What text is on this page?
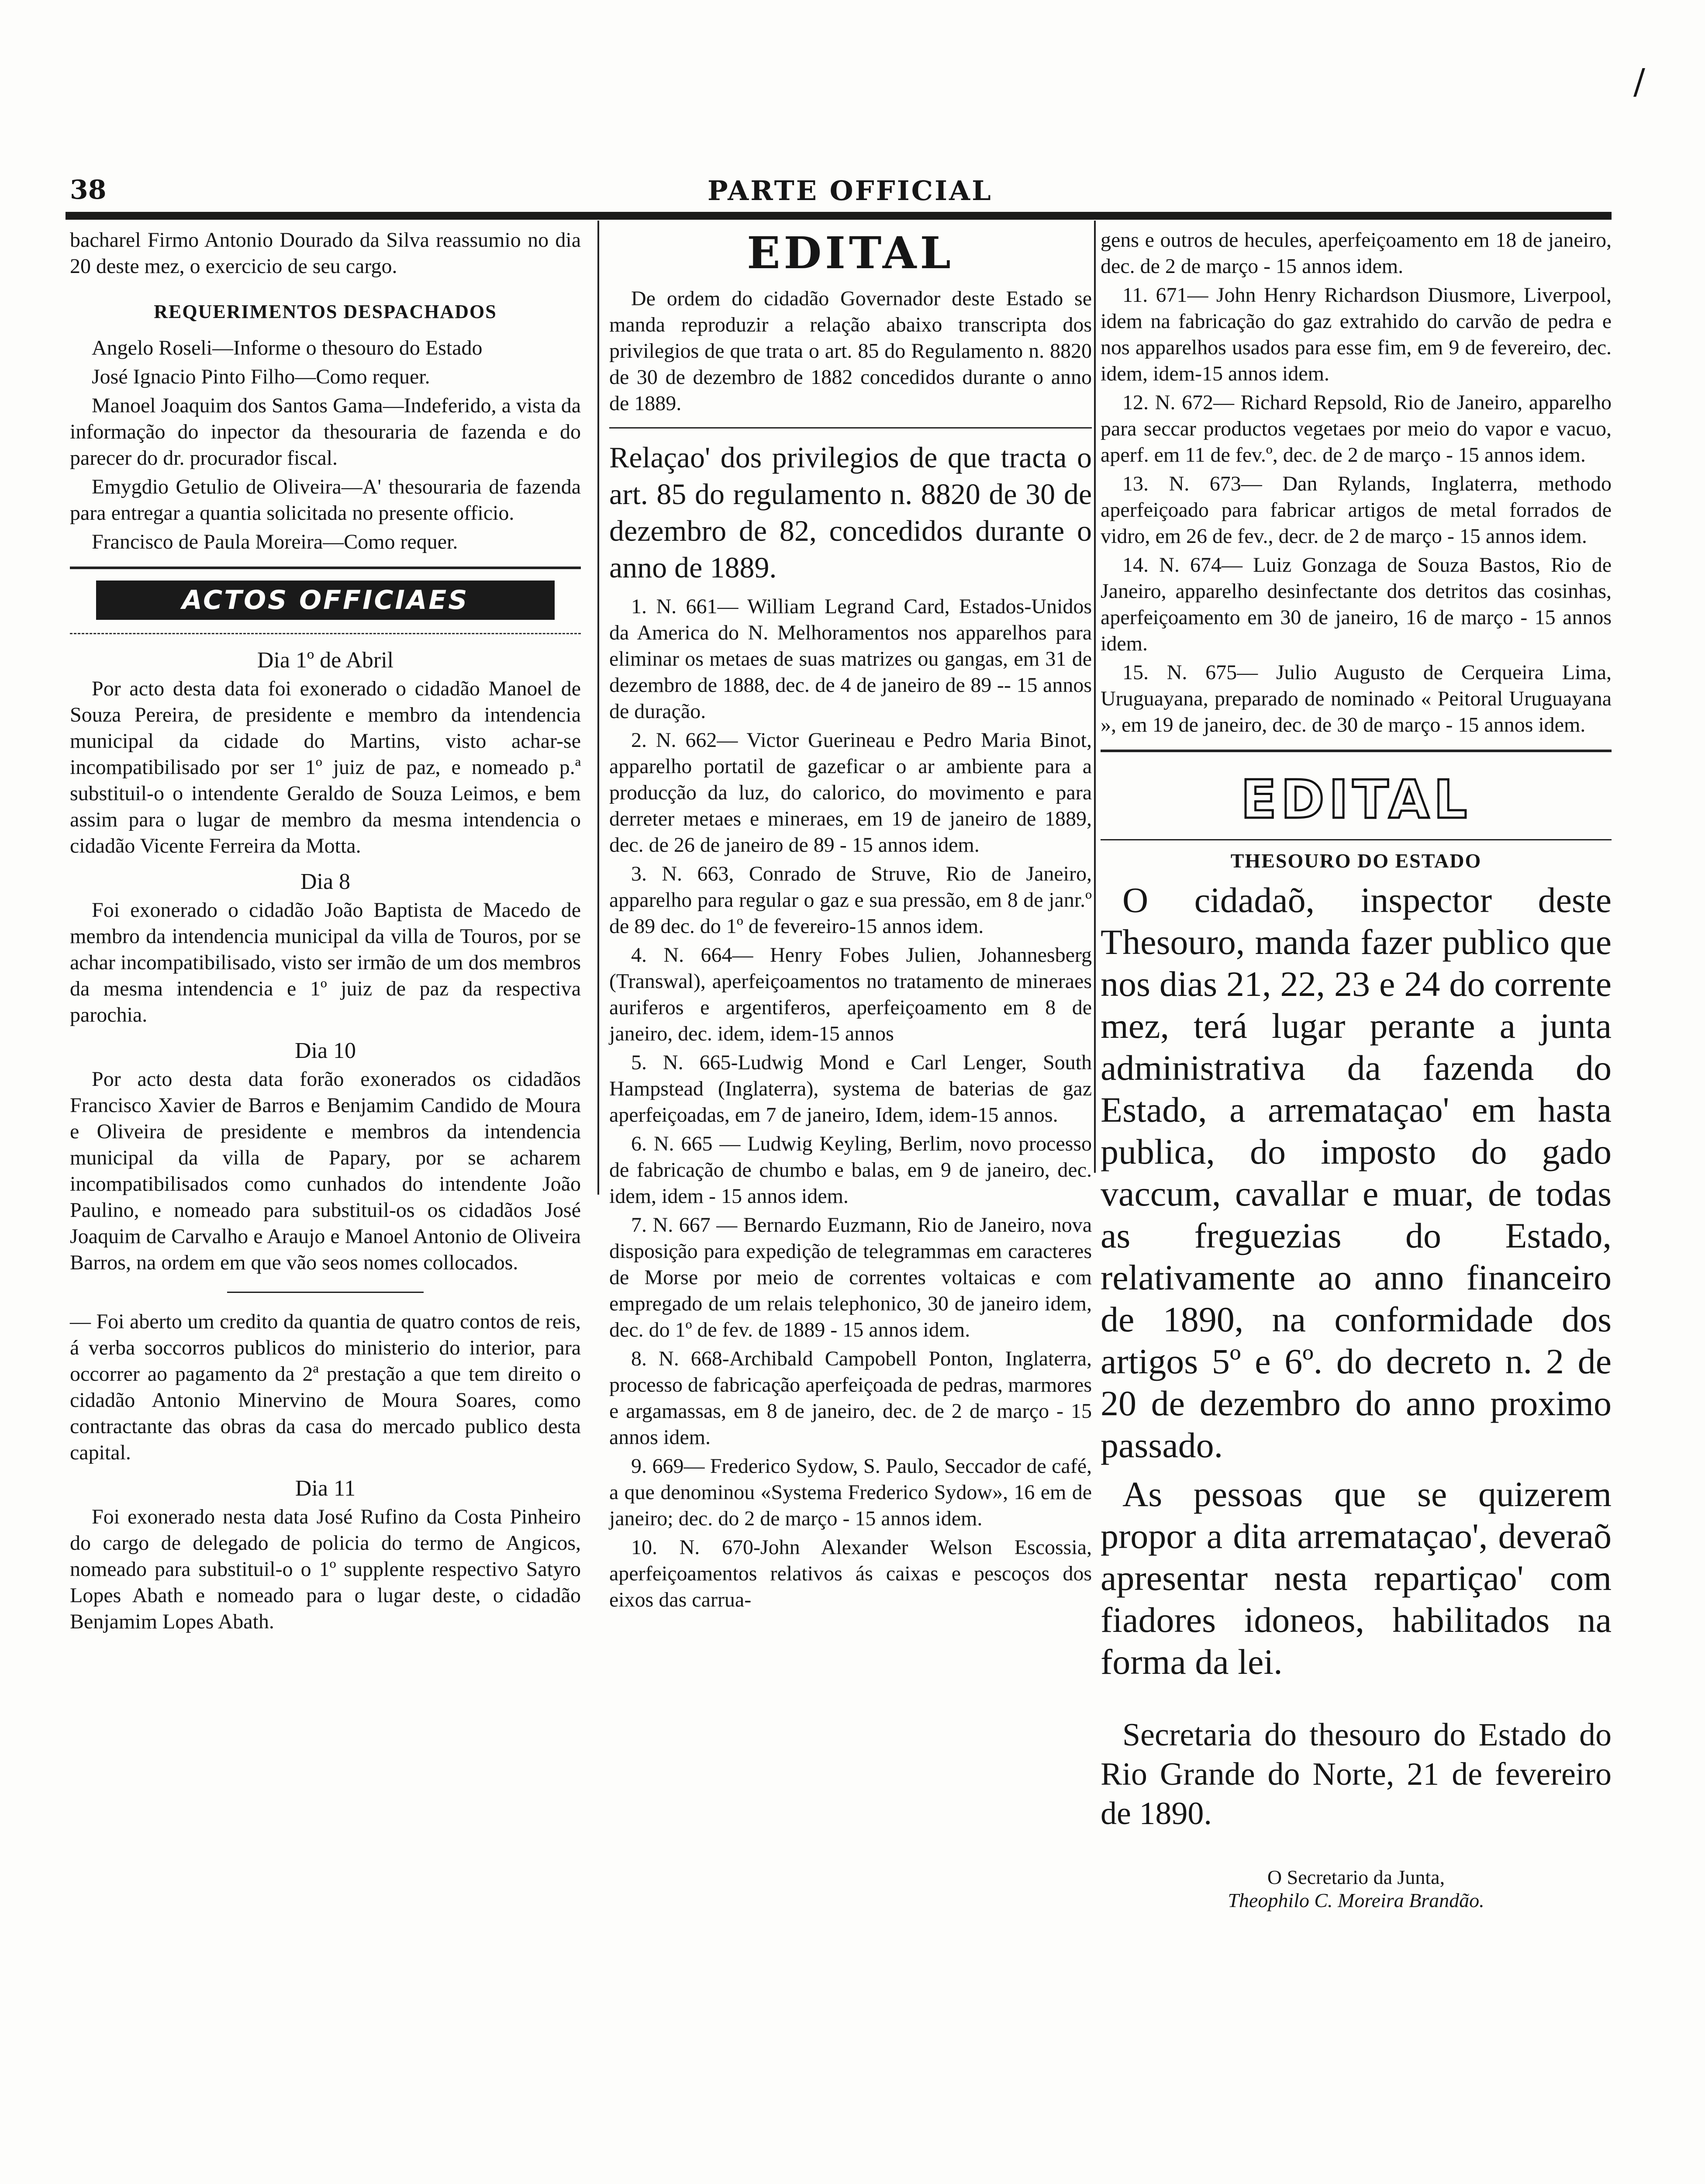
/
38	PARTE OFFICIAL

bacharel Firmo Antonio Dourado da Silva reassumio no dia 20 deste mez, o exercicio de seu cargo.

REQUERIMENTOS DESPACHADOS

Angelo Roseli—Informe o thesouro do Estado

José Ignacio Pinto Filho—Como requer.

Manoel Joaquim dos Santos Gama—Indeferido, a vista da informação do inpector da thesouraria de fazenda e do parecer do dr. procurador fiscal.

Emygdio Getulio de Oliveira—A' thesouraria de fazenda para entregar a quantia solicitada no presente officio.

Francisco de Paula Moreira—Como requer.

ACTOS OFFICIAES
Dia 1º de Abril

Por acto desta data foi exonerado o cidadão Manoel de Souza Pereira, de presidente e membro da intendencia municipal da cidade do Martins, visto achar-se incompatibilisado por ser 1º juiz de paz, e nomeado p.ª substituil-o o intendente Geraldo de Souza Leimos, e bem assim para o lugar de membro da mesma intendencia o cidadão Vicente Ferreira da Motta.

Dia 8

Foi exonerado o cidadão João Baptista de Macedo de membro da intendencia municipal da villa de Touros, por se achar incompatibilisado, visto ser irmão de um dos membros da mesma intendencia e 1º juiz de paz da respectiva parochia.

Dia 10

Por acto desta data forão exonerados os cidadãos Francisco Xavier de Barros e Benjamim Candido de Moura e Oliveira de presidente e membros da intendencia municipal da villa de Papary, por se acharem incompatibilisados como cunhados do intendente João Paulino, e nomeado para substituil-os os cidadãos José Joaquim de Carvalho e Araujo e Manoel Antonio de Oliveira Barros, na ordem em que vão seos nomes collocados.

— Foi aberto um credito da quantia de quatro contos de reis, á verba soccorros publicos do ministerio do interior, para occorrer ao pagamento da 2ª prestação a que tem direito o cidadão Antonio Minervino de Moura Soares, como contractante das obras da casa do mercado publico desta capital.

Dia 11

Foi exonerado nesta data José Rufino da Costa Pinheiro do cargo de delegado de policia do termo de Angicos, nomeado para substituil-o o 1º supplente respectivo Satyro Lopes Abath e nomeado para o lugar deste, o cidadão Benjamim Lopes Abath.

EDITAL

De ordem do cidadão Governador deste Estado se manda reproduzir a relação abaixo transcripta dos privilegios de que trata o art. 85 do Regulamento n. 8820 de 30 de dezembro de 1882 concedidos durante o anno de 1889.

Relaçao' dos privilegios de que tracta o art. 85 do regulamento n. 8820 de 30 de dezembro de 82, concedidos durante o anno de 1889.

1. N. 661— William Legrand Card, Estados-Unidos da America do N. Melhoramentos nos apparelhos para eliminar os metaes de suas matrizes ou gangas, em 31 de dezembro de 1888, dec. de 4 de janeiro de 89 -- 15 annos de duração.

2. N. 662— Victor Guerineau e Pedro Maria Binot, apparelho portatil de gazeficar o ar ambiente para a producção da luz, do calorico, do movimento e para derreter metaes e mineraes, em 19 de janeiro de 1889, dec. de 26 de janeiro de 89 - 15 annos idem.

3. N. 663, Conrado de Struve, Rio de Janeiro, apparelho para regular o gaz e sua pressão, em 8 de janr.º de 89 dec. do 1º de fevereiro-15 annos idem.

4. N. 664— Henry Fobes Julien, Johannesberg (Transwal), aperfeiçoamentos no tratamento de mineraes auriferos e argentiferos, aperfeiçoamento em 8 de janeiro, dec. idem, idem-15 annos

5. N. 665-Ludwig Mond e Carl Lenger, South Hampstead (Inglaterra), systema de baterias de gaz aperfeiçoadas, em 7 de janeiro, Idem, idem-15 annos.

6. N. 665 — Ludwig Keyling, Berlim, novo processo de fabricação de chumbo e balas, em 9 de janeiro, dec. idem, idem - 15 annos idem.

7. N. 667 — Bernardo Euzmann, Rio de Janeiro, nova disposição para expedição de telegrammas em caracteres de Morse por meio de correntes voltaicas e com empregado de um relais telephonico, 30 de janeiro idem, dec. do 1º de fev. de 1889 - 15 annos idem.

8. N. 668-Archibald Campobell Ponton, Inglaterra, processo de fabricação aperfeiçoada de pedras, marmores e argamassas, em 8 de janeiro, dec. de 2 de março - 15 annos idem.

9. 669— Frederico Sydow, S. Paulo, Seccador de café, a que denominou «Systema Frederico Sydow», 16 em de janeiro; dec. do 2 de março - 15 annos idem.

10. N. 670-John Alexander Welson Escossia, aperfeiçoamentos relativos ás caixas e pescoços dos eixos das carrua-

gens e outros de hecules, aperfeiçoamento em 18 de janeiro, dec. de 2 de março - 15 annos idem.

11. 671— John Henry Richardson Diusmore, Liverpool, idem na fabricação do gaz extrahido do carvão de pedra e nos apparelhos usados para esse fim, em 9 de fevereiro, dec. idem, idem-15 annos idem.

12. N. 672— Richard Repsold, Rio de Janeiro, apparelho para seccar productos vegetaes por meio do vapor e vacuo, aperf. em 11 de fev.º, dec. de 2 de março - 15 annos idem.

13. N. 673— Dan Rylands, Inglaterra, methodo aperfeiçoado para fabricar artigos de metal forrados de vidro, em 26 de fev., decr. de 2 de março - 15 annos idem.

14. N. 674— Luiz Gonzaga de Souza Bastos, Rio de Janeiro, apparelho desinfectante dos detritos das cosinhas, aperfeiçoamento em 30 de janeiro, 16 de março - 15 annos idem.

15. N. 675— Julio Augusto de Cerqueira Lima, Uruguayana, preparado de nominado « Peitoral Uruguayana », em 19 de janeiro, dec. de 30 de março - 15 annos idem.

EDITAL
THESOURO DO ESTADO

O cidadaõ, inspector deste Thesouro, manda fazer publico que nos dias 21, 22, 23 e 24 do corrente mez, terá lugar perante a junta administrativa da fazenda do Estado, a arremataçao' em hasta publica, do imposto do gado vaccum, cavallar e muar, de todas as freguezias do Estado, relativamente ao anno financeiro de 1890, na conformidade dos artigos 5º e 6º. do decreto n. 2 de 20 de dezembro do anno proximo passado.

As pessoas que se quizerem propor a dita arremataçao', deveraõ apresentar nesta repartiçao' com fiadores idoneos, habilitados na forma da lei.

Secretaria do thesouro do Estado do Rio Grande do Norte, 21 de fevereiro de 1890.

O Secretario da Junta,
Theophilo C. Moreira Brandão.
